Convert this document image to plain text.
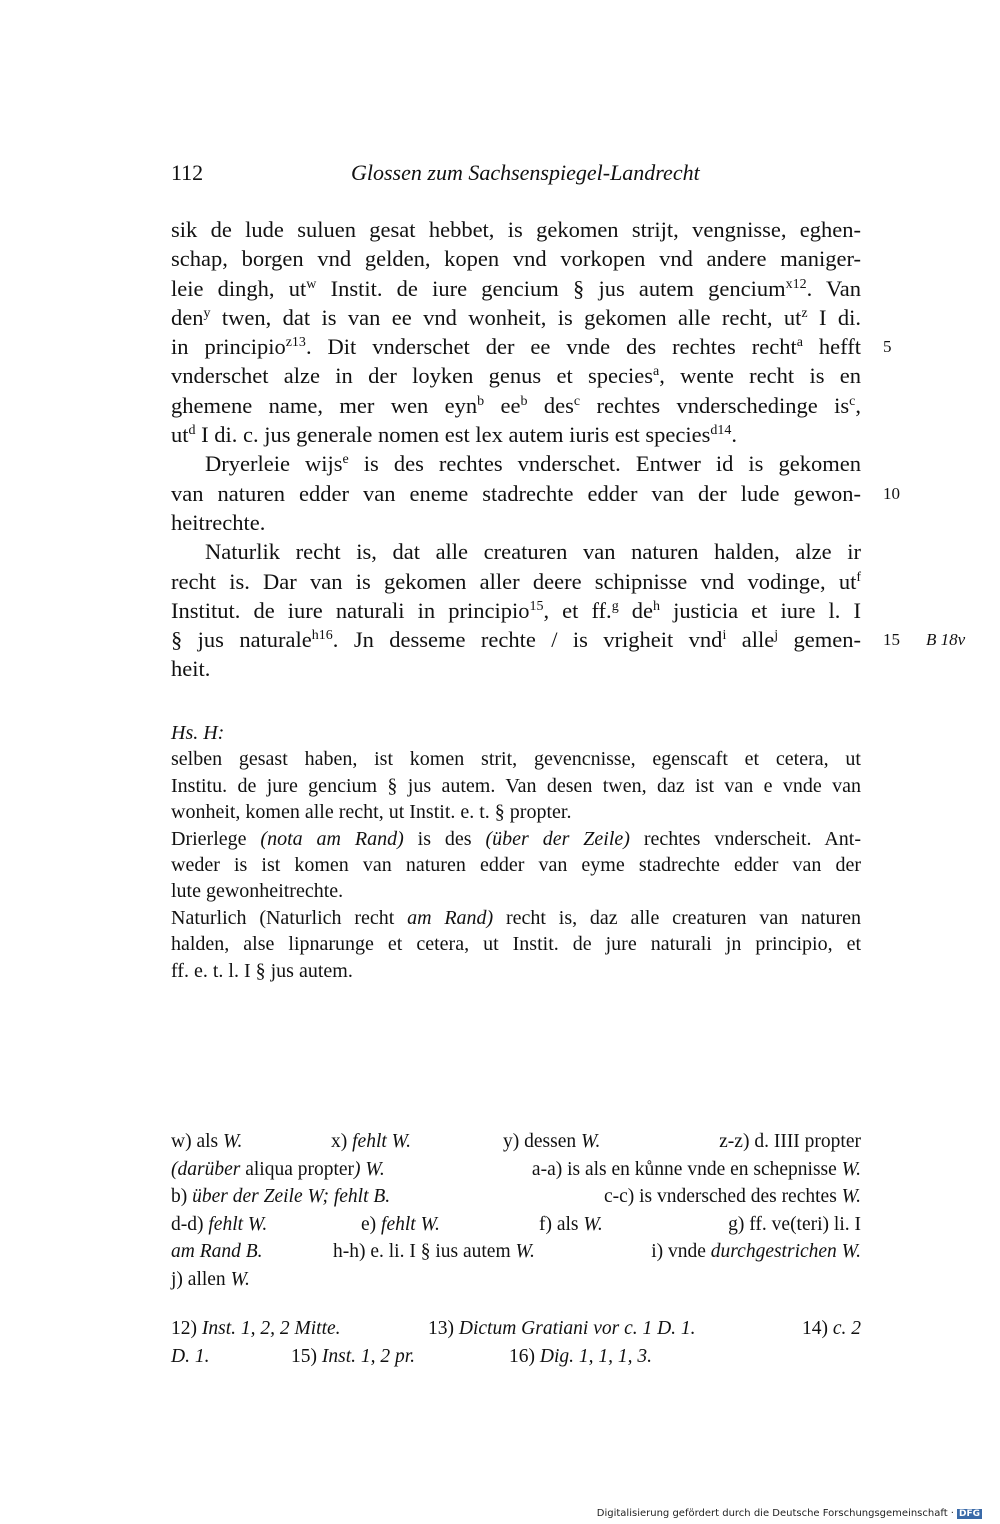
112	Glossen zum Sachsenspiegel-Landrecht
sik de lude suluen gesat hebbet, is gekomen strijt, vengnisse, eghen-
schap, borgen vnd gelden, kopen vnd vorkopen vnd andere maniger-
leie dingh, $ut^w$ Instit. de iure gencium § jus autem gencium$^{x12}$. Van
den$^y$ twen, dat is van ee vnd wonheit, is gekomen alle recht, $ut^z$ I di.
in principio$^{z13}$. Dit vnderschet der ee vnde des rechtes recht$^a$ hefft 5
vnderschet alze in der loyken genus et species$^a$, wente recht is en
ghemene name, mer wen eyn$^b$ $ee^b$ des$^c$ rechtes vnderschedinge $is^c$,
$ut^d$ I di. c. jus generale nomen est lex autem iuris est species$^{d14}$.
Dryerleie wijs$^e$ is des rechtes vnderschet. Entwer id is gekomen
van naturen edder van eneme stadrechte edder van der lude gewon- 10
heitrechte.
Naturlik recht is, dat alle creaturen van naturen halden, alze ir
recht is. Dar van is gekomen aller deere schipnisse vnd vodinge, $ut^f$
Institut. de iure naturali in principio$^{15}$, et ff.$^g$ $de^h$ justicia et iure l. I
§ jus naturale$^{h16}$. Jn desseme rechte / is vrigheit vnd$^i$ alle$^j$ gemen- 15 B 18v
heit.
Hs. H:
selben gesast haben, ist komen strit, gevencnisse, egenscaft et cetera, ut
Institu. de jure gencium § jus autem. Van desen twen, daz ist van e vnde van
wonheit, komen alle recht, ut Instit. e. t. § propter.
Drierlege (nota am Rand) is des (über der Zeile) rechtes vnderscheit. Ant-
weder is ist komen van naturen edder van eyme stadrechte edder van der
lute gewonheitrechte.
Naturlich (Naturlich recht am Rand) recht is, daz alle creaturen van naturen
halden, alse lipnarunge et cetera, ut Instit. de jure naturali jn principio, et
ff. e. t. l. I § jus autem.
w) als W.	x) fehlt W.	y) dessen W.	z-z) d. IIII propter
(darüber aliqua propter) W.	a-a) is als en kůnne vnde en schepnisse W.
b) über der Zeile W; fehlt B.	c-c) is vndersched des rechtes W.
d-d) fehlt W.	e) fehlt W.	f) als W.	g) ff. ve(teri) li. I
am Rand B.	h-h) e. li. I § ius autem W.	i) vnde durchgestrichen W.
j) allen W.
12) Inst. 1, 2, 2 Mitte.	13) Dictum Gratiani vor c. 1 D. 1.	14) c. 2
D. 1.	15) Inst. 1, 2 pr.	16) Dig. 1, 1, 1, 3.
Digitalisierung gefördert durch die Deutsche Forschungsgemeinschaft · DFG
